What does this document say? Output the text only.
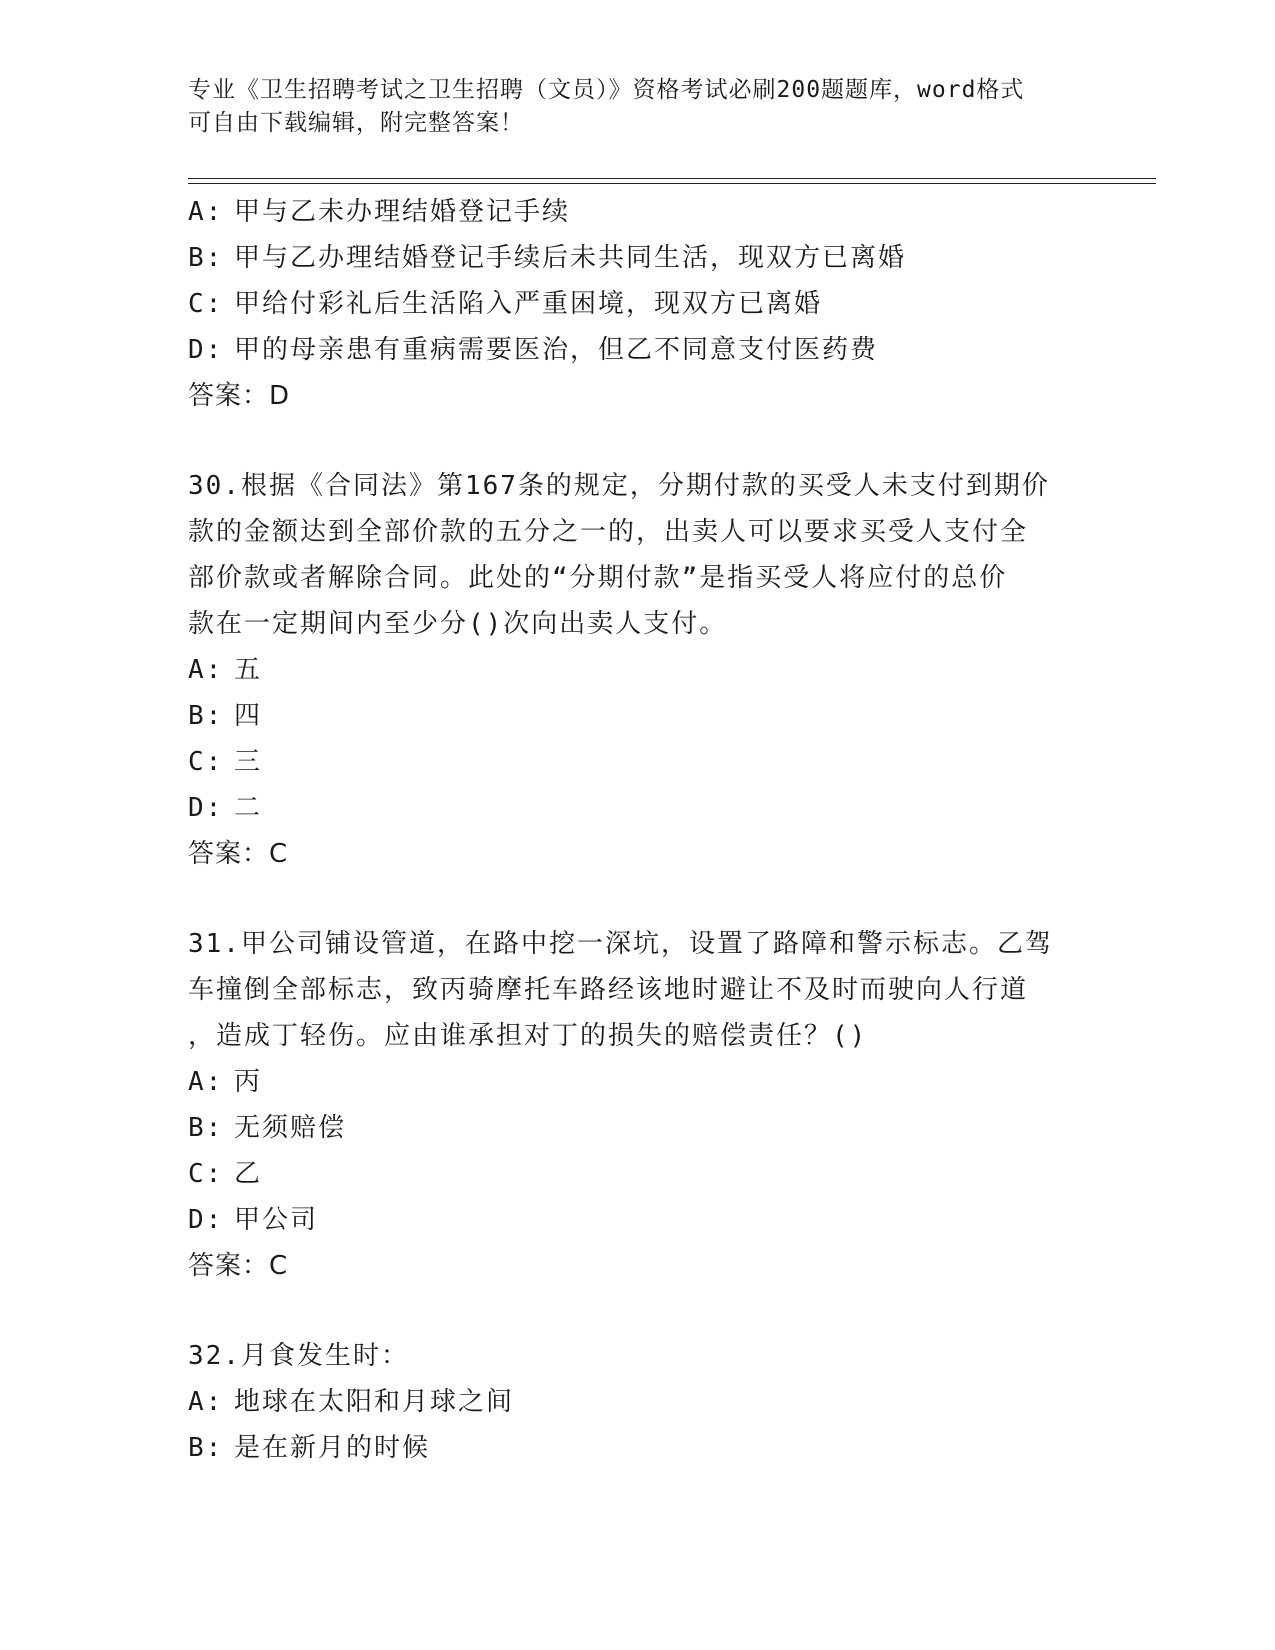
专业《卫生招聘考试之卫生招聘（文员）》资格考试必刷200题题库，word格式
可自由下载编辑，附完整答案！
A: 甲与乙未办理结婚登记手续
B: 甲与乙办理结婚登记手续后未共同生活，现双方已离婚
C: 甲给付彩礼后生活陷入严重困境，现双方已离婚
D: 甲的母亲患有重病需要医治，但乙不同意支付医药费
答案：D
30.根据《合同法》第167条的规定，分期付款的买受人未支付到期价
款的金额达到全部价款的五分之一的，出卖人可以要求买受人支付全
部价款或者解除合同。此处的“分期付款”是指买受人将应付的总价
款在一定期间内至少分()次向出卖人支付。
A: 五
B: 四
C: 三
D: 二
答案：C
31.甲公司铺设管道，在路中挖一深坑，设置了路障和警示标志。乙驾
车撞倒全部标志，致丙骑摩托车路经该地时避让不及时而驶向人行道
，造成丁轻伤。应由谁承担对丁的损失的赔偿责任？()
A: 丙
B: 无须赔偿
C: 乙
D: 甲公司
答案：C
32.月食发生时：
A: 地球在太阳和月球之间
B: 是在新月的时候
